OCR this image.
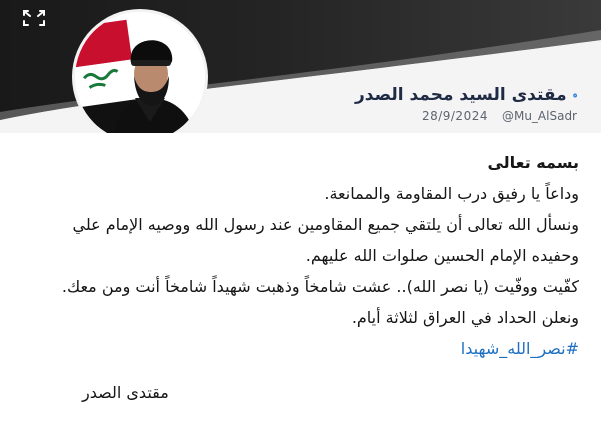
مقتدى السيد محمد الصدر
28/9/2024 @Mu_AlSadr
بسمه تعالى
وداعاً يا رفيق درب المقاومة والممانعة.
ونسأل الله تعالى أن يلتقي جميع المقاومين عند رسول الله ووصيه الإمام علي
وحفيده الإمام الحسين صلوات الله عليهم.
كفّيت ووفّيت (يا نصر الله).. عشت شامخاً وذهبت شهيداً شامخاً أنت ومن معك.
ونعلن الحداد في العراق لثلاثة أيام.
#نصر_الله_شهيدا
مقتدى الصدر
